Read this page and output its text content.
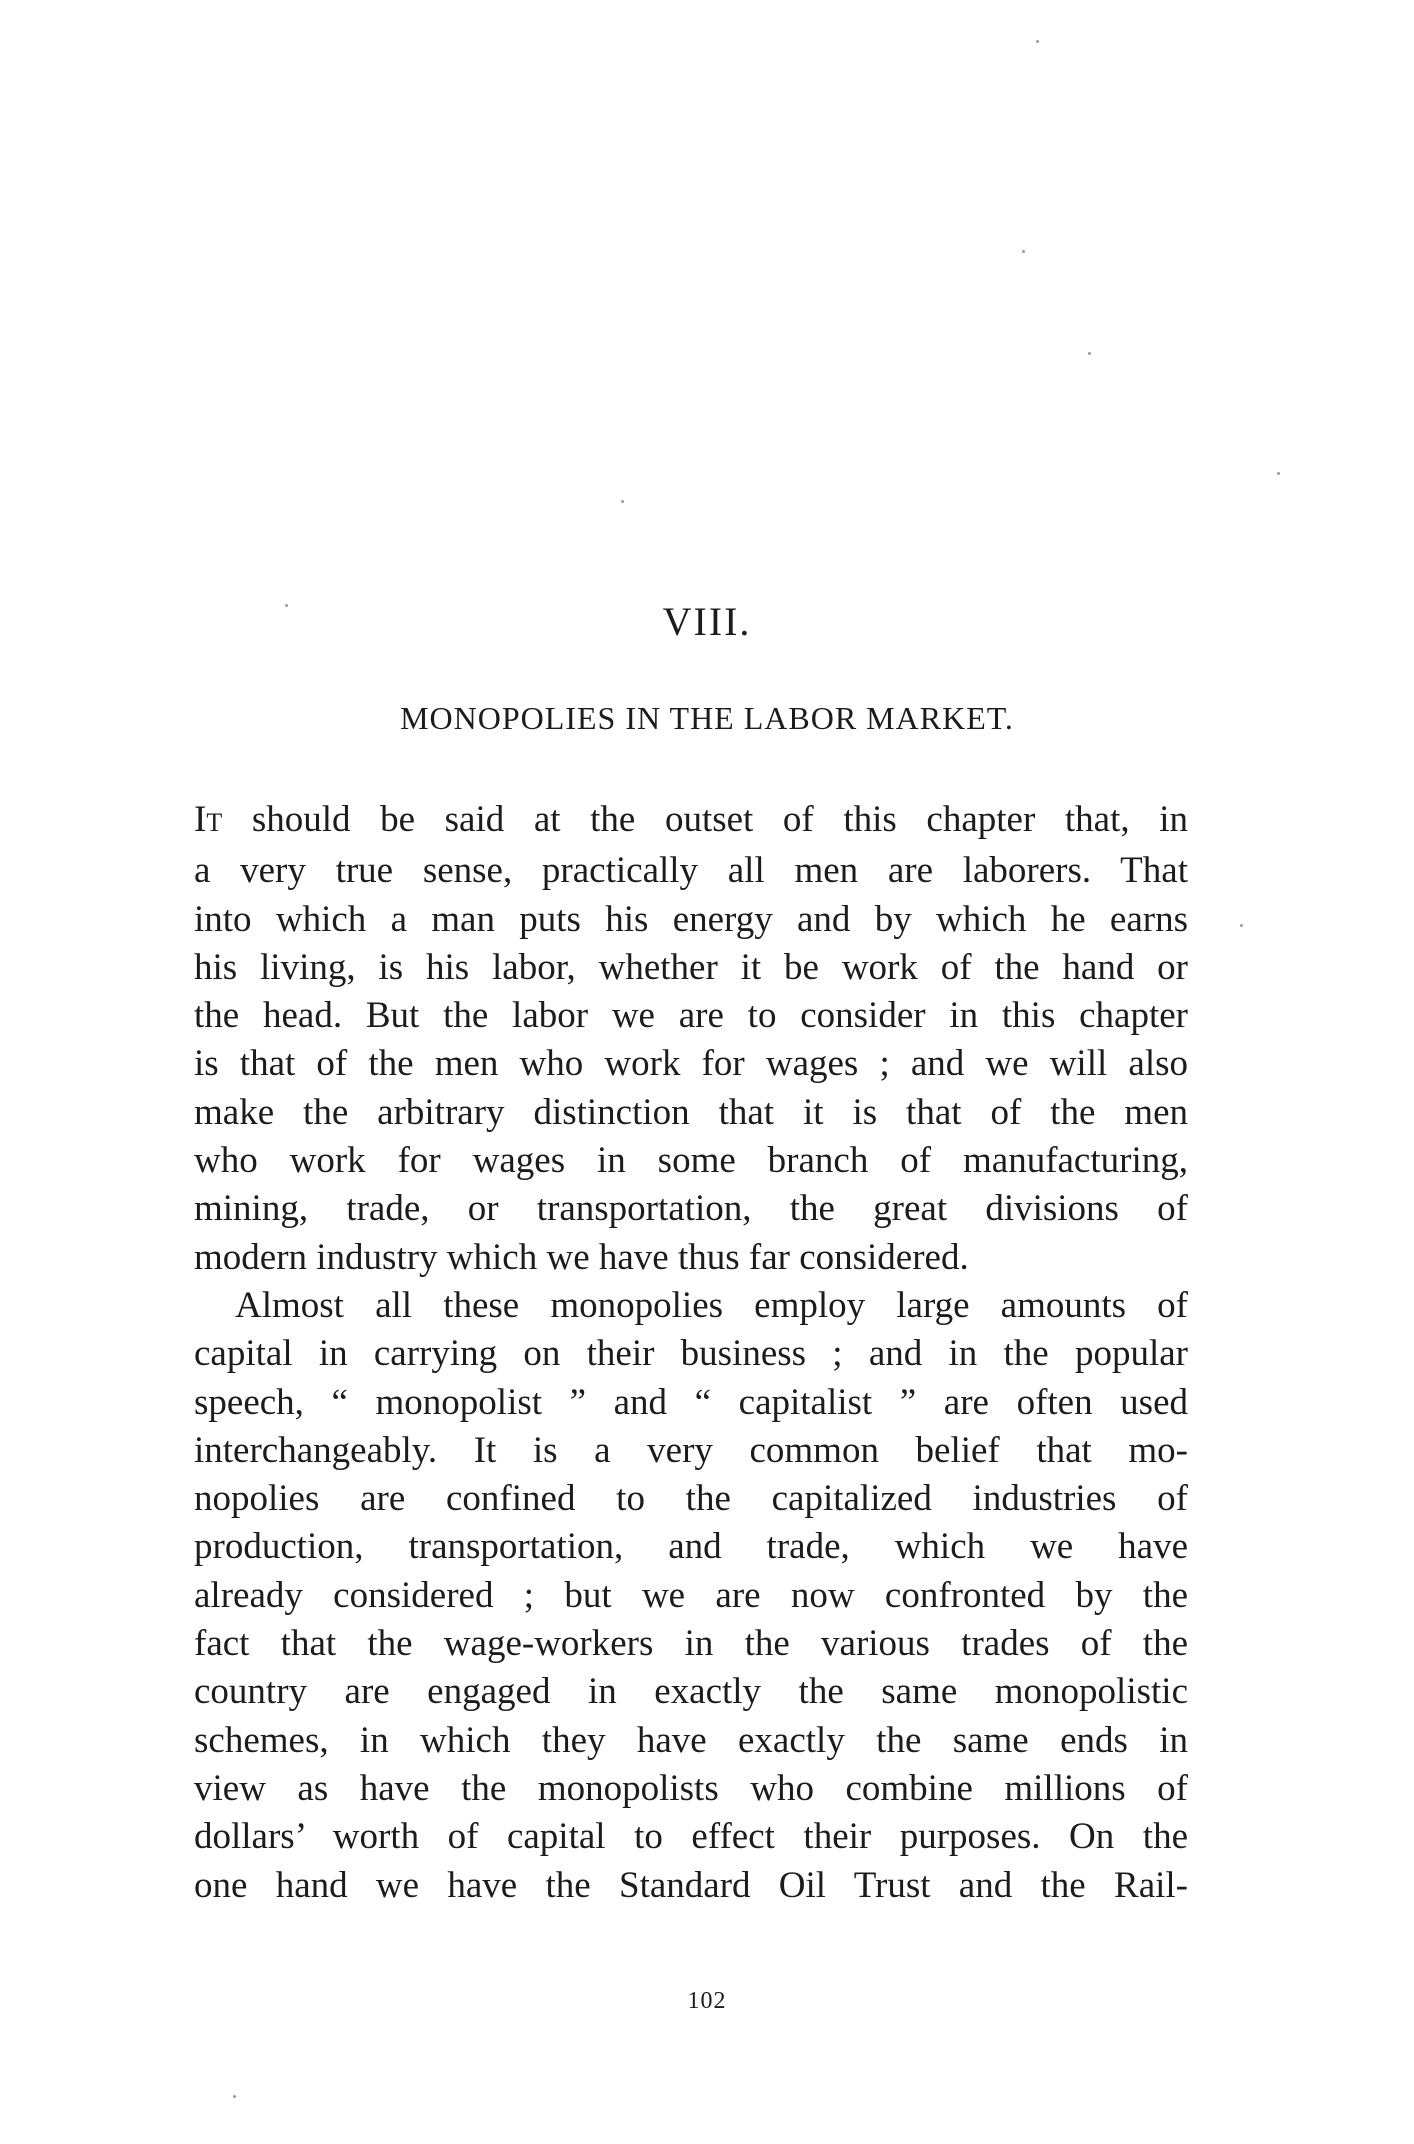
VIII.
MONOPOLIES IN THE LABOR MARKET.
IT should be said at the outset of this chapter that, in
a very true sense, practically all men are laborers. That
into which a man puts his energy and by which he earns
his living, is his labor, whether it be work of the hand or
the head. But the labor we are to consider in this chapter
is that of the men who work for wages ; and we will also
make the arbitrary distinction that it is that of the men
who work for wages in some branch of manufacturing,
mining, trade, or transportation, the great divisions of
modern industry which we have thus far considered.
Almost all these monopolies employ large amounts of
capital in carrying on their business ; and in the popular
speech, “ monopolist ” and “ capitalist ” are often used
interchangeably. It is a very common belief that mo-
nopolies are confined to the capitalized industries of
production, transportation, and trade, which we have
already considered ; but we are now confronted by the
fact that the wage-workers in the various trades of the
country are engaged in exactly the same monopolistic
schemes, in which they have exactly the same ends in
view as have the monopolists who combine millions of
dollars’ worth of capital to effect their purposes. On the
one hand we have the Standard Oil Trust and the Rail-
102
